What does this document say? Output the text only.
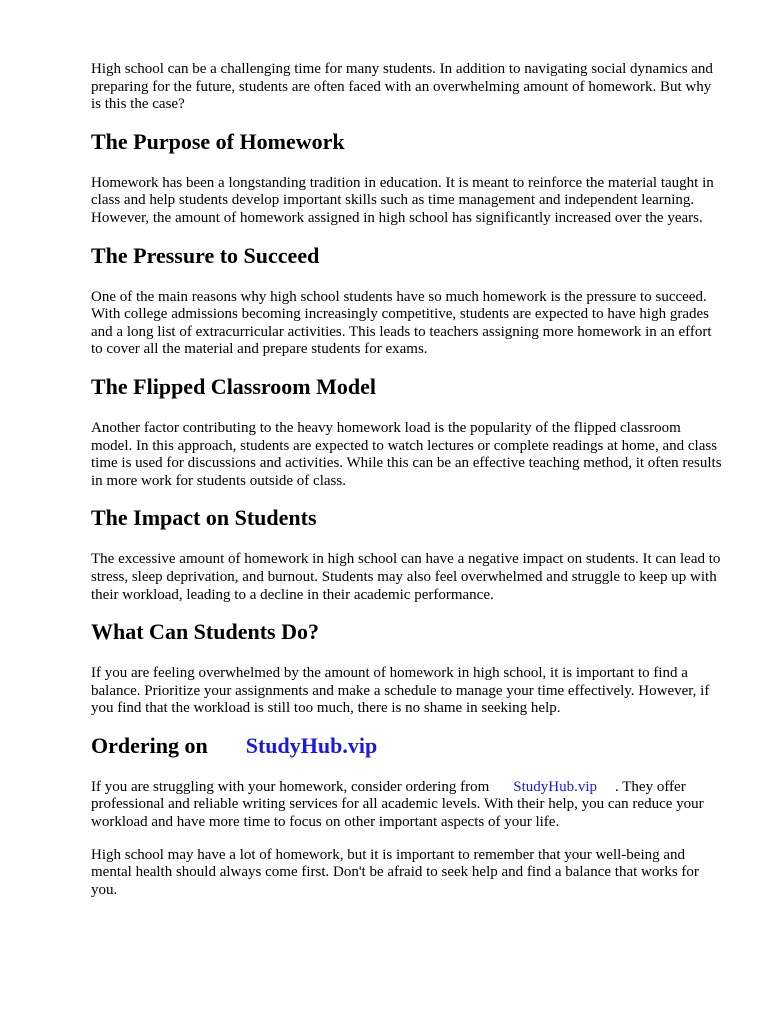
High school can be a challenging time for many students. In addition to navigating social dynamics and preparing for the future, students are often faced with an overwhelming amount of homework. But why is this the case?

The Purpose of Homework

Homework has been a longstanding tradition in education. It is meant to reinforce the material taught in class and help students develop important skills such as time management and independent learning. However, the amount of homework assigned in high school has significantly increased over the years.

The Pressure to Succeed

One of the main reasons why high school students have so much homework is the pressure to succeed. With college admissions becoming increasingly competitive, students are expected to have high grades and a long list of extracurricular activities. This leads to teachers assigning more homework in an effort to cover all the material and prepare students for exams.

The Flipped Classroom Model

Another factor contributing to the heavy homework load is the popularity of the flipped classroom model. In this approach, students are expected to watch lectures or complete readings at home, and class time is used for discussions and activities. While this can be an effective teaching method, it often results in more work for students outside of class.

The Impact on Students

The excessive amount of homework in high school can have a negative impact on students. It can lead to stress, sleep deprivation, and burnout. Students may also feel overwhelmed and struggle to keep up with their workload, leading to a decline in their academic performance.

What Can Students Do?

If you are feeling overwhelmed by the amount of homework in high school, it is important to find a balance. Prioritize your assignments and make a schedule to manage your time effectively. However, if you find that the workload is still too much, there is no shame in seeking help.

Ordering on StudyHub.vip

If you are struggling with your homework, consider ordering from StudyHub.vip . They offer professional and reliable writing services for all academic levels. With their help, you can reduce your workload and have more time to focus on other important aspects of your life.

High school may have a lot of homework, but it is important to remember that your well-being and mental health should always come first. Don't be afraid to seek help and find a balance that works for you.
